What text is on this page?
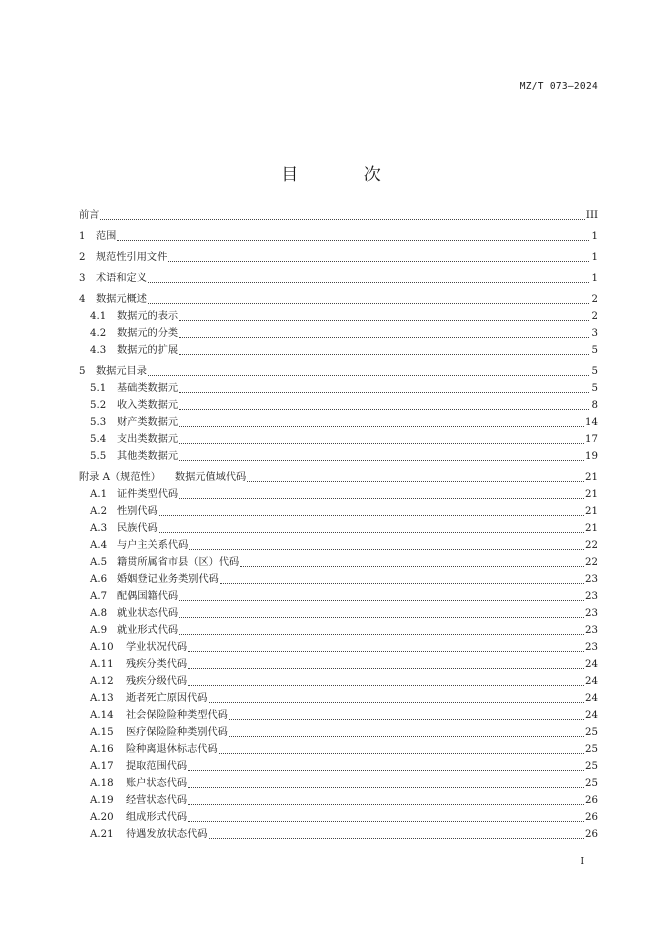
MZ/T 073—2024
目 次
前言	III
1	范围	1
2	规范性引用文件	1
3	术语和定义	1
4	数据元概述	2
4.1	数据元的表示	2
4.2	数据元的分类	3
4.3	数据元的扩展	5
5	数据元目录	5
5.1	基础类数据元	5
5.2	收入类数据元	8
5.3	财产类数据元	14
5.4	支出类数据元	17
5.5	其他类数据元	19
附录 A（规范性） 数据元值域代码	21
A.1 证件类型代码	21
A.2 性别代码	21
A.3 民族代码	21
A.4 与户主关系代码	22
A.5 籍贯所属省市县（区）代码	22
A.6 婚姻登记业务类别代码	23
A.7 配偶国籍代码	23
A.8 就业状态代码	23
A.9 就业形式代码	23
A.10	学业状况代码	23
A.11	残疾分类代码	24
A.12	残疾分级代码	24
A.13	逝者死亡原因代码	24
A.14	社会保险险种类型代码	24
A.15	医疗保险险种类别代码	25
A.16	险种离退休标志代码	25
A.17	提取范围代码	25
A.18	账户状态代码	25
A.19	经营状态代码	26
A.20	组成形式代码	26
A.21	待遇发放状态代码	26
I
